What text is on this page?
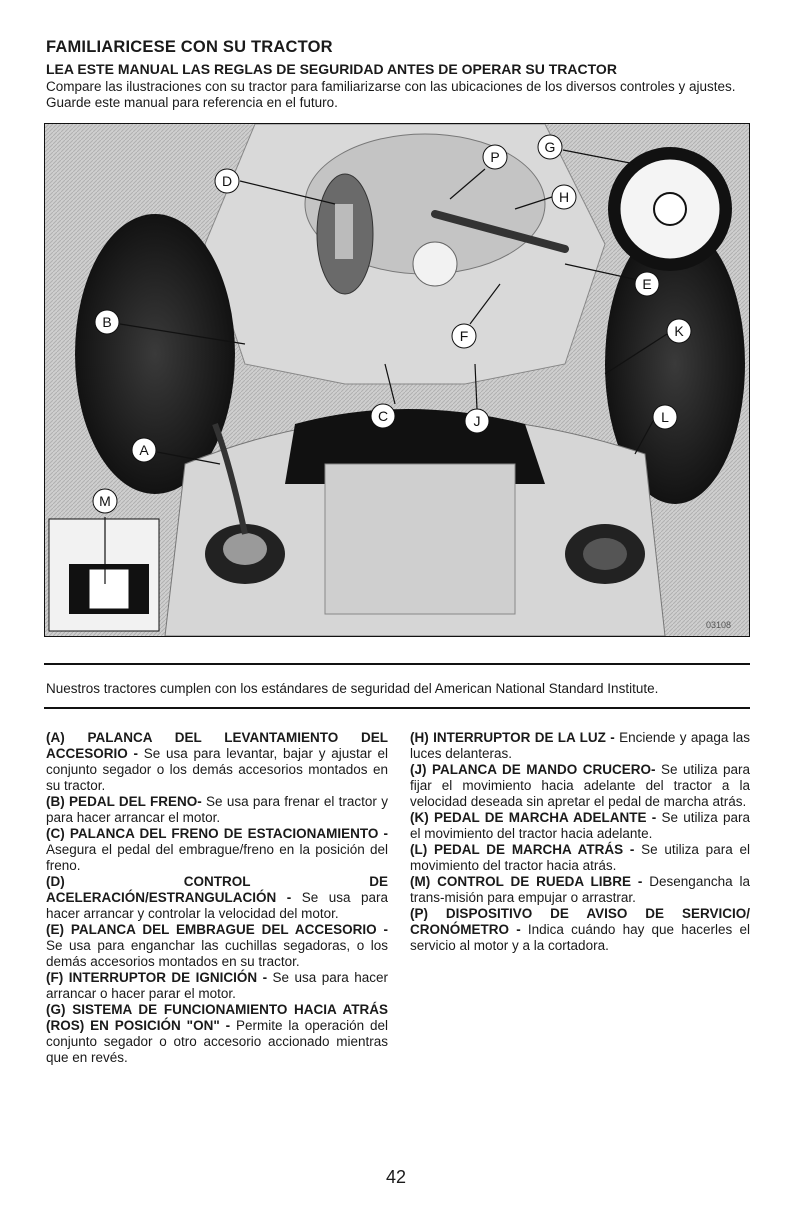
FAMILIARICESE CON SU TRACTOR
LEA ESTE MANUAL LAS REGLAS DE SEGURIDAD ANTES DE OPERAR SU TRACTOR
Compare las ilustraciones con su tractor para familiarizarse con las ubicaciones de los diversos controles y ajustes. Guarde este manual para referencia en el futuro.
D
P
G
H
B
F
E
K
C	J	L
A
M
03108
Nuestros tractores cumplen con los estándares de seguridad del American National Standard Institute.

(A) PALANCA DEL LEVANTAMIENTO DEL ACCESORIO - Se usa para levantar, bajar y ajustar el conjunto segador o los demás accesorios montados en su tractor.

(B) PEDAL DEL FRENO- Se usa para frenar el tractor y para hacer arrancar el motor.

(C) PALANCA DEL FRENO DE ESTACIONAMIENTO - Asegura el pedal del embrague/freno en la posición del freno.

(D) CONTROL DE ACELERACIÓN/ESTRANGULACIÓN - Se usa para hacer arrancar y controlar la velocidad del motor.

(E) PALANCA DEL EMBRAGUE DEL ACCESORIO - Se usa para enganchar las cuchillas segadoras, o los demás accesorios montados en su tractor.

(F) INTERRUPTOR DE IGNICIÓN - Se usa para hacer arrancar o hacer parar el motor.

(G) SISTEMA DE FUNCIONAMIENTO HACIA ATRÁS (ROS) EN POSICIÓN "ON" - Permite la operación del conjunto segador o otro accesorio accionado mientras que en revés.

(H) INTERRUPTOR DE LA LUZ - Enciende y apaga las luces delanteras.

(J) PALANCA DE MANDO CRUCERO- Se utiliza para fijar el movimiento hacia adelante del tractor a la velocidad deseada sin apretar el pedal de marcha atrás.

(K) PEDAL DE MARCHA ADELANTE - Se utiliza para el movimiento del tractor hacia adelante.

(L) PEDAL DE MARCHA ATRÁS - Se utiliza para el movimiento del tractor hacia atrás.

(M) CONTROL DE RUEDA LIBRE - Desengancha la trans-misión para empujar o arrastrar.

(P) DISPOSITIVO DE AVISO DE SERVICIO/ CRONÓMETRO - Indica cuándo hay que hacerles el servicio al motor y a la cortadora.

42
